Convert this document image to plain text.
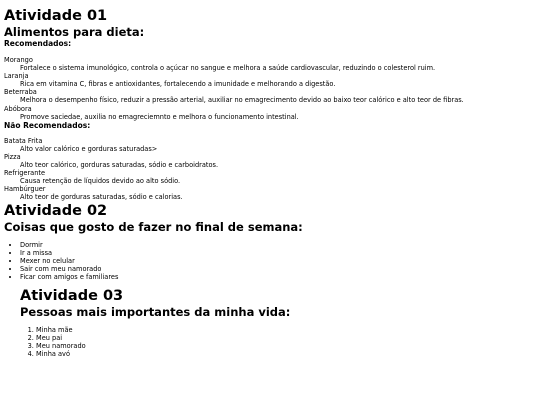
Atividade 01
Alimentos para dieta:
Recomendados:
Morango
Fortalece o sistema imunológico, controla o açúcar no sangue e melhora a saúde cardiovascular, reduzindo o colesterol ruim.
Laranja
Rica em vitamina C, fibras e antioxidantes, fortalecendo a imunidade e melhorando a digestão.
Beterraba
Melhora o desempenho físico, reduzir a pressão arterial, auxiliar no emagrecimento devido ao baixo teor calórico e alto teor de fibras.
Abóbora
Promove saciedae, auxilia no emagreciemnto e melhora o funcionamento intestinal.
Não Recomendados:
Batata Frita
Alto valor calórico e gorduras saturadas>
Pizza
Alto teor calórico, gorduras saturadas, sódio e carboidratos.
Refrigerante
Causa retenção de líquidos devido ao alto sódio.
Hambúrguer
Alto teor de gorduras saturadas, sódio e calorias.
Atividade 02
Coisas que gosto de fazer no final de semana:
• Dormir
• Ir a missa
• Mexer no celular
• Sair com meu namorado
• Ficar com amigos e familiares
Atividade 03
Pessoas mais importantes da minha vida:
1. Minha mãe
2. Meu pai
3. Meu namorado
4. Minha avó
